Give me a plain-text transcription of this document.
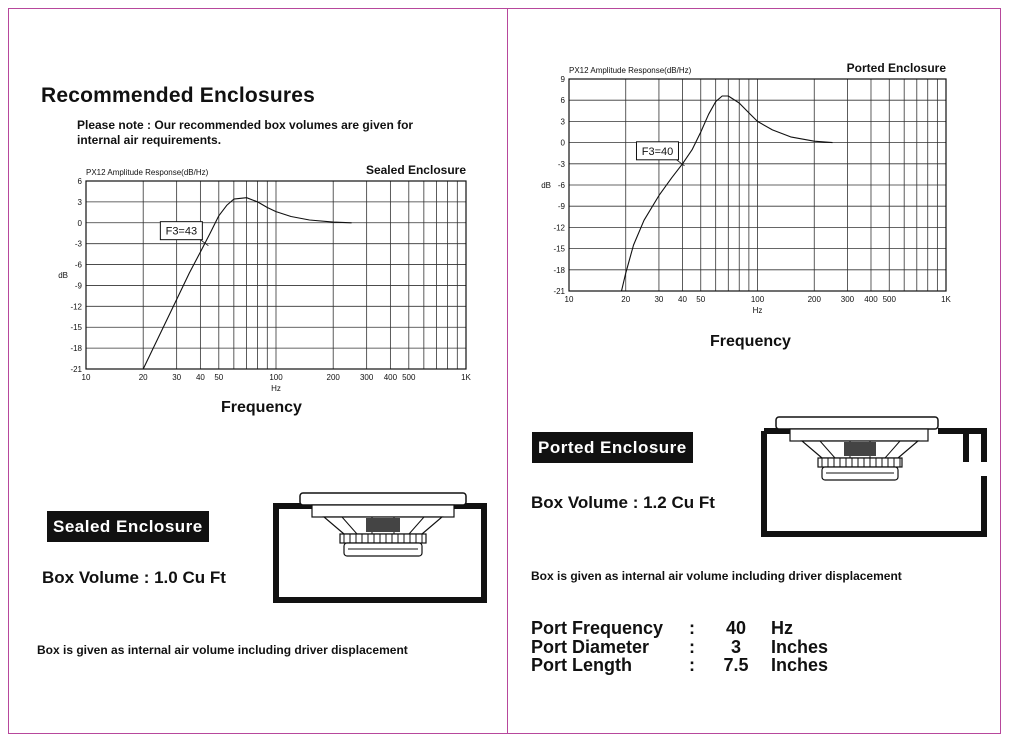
Recommended Enclosures
Please note : Our recommended box volumes are given for internal air requirements.
6
3
0
-3
-6
-9
-12
-15
-18
-21
10	20	30 40 50	100	200	300 400 500	1K
Hz
dB
PX12 Amplitude Response(dB/Hz)	Sealed Enclosure
F3=43
Frequency
Sealed Enclosure
Box Volume : 1.0 Cu Ft
Box is given as internal air volume including driver displacement
9
6
3
0
-3
-6
-9
-12
-15
-18
-21
10	20	30 40 50	100	200 300 400 500	1K
Hz
dB
PX12 Amplitude Response(dB/Hz)	Ported Enclosure
F3=40
Frequency
Ported Enclosure
Box Volume : 1.2 Cu Ft
Box is given as internal air volume including driver displacement
Port Frequency :	40	Hz
Port Diameter :	3	Inches
Port Length	: 7.5 Inches
